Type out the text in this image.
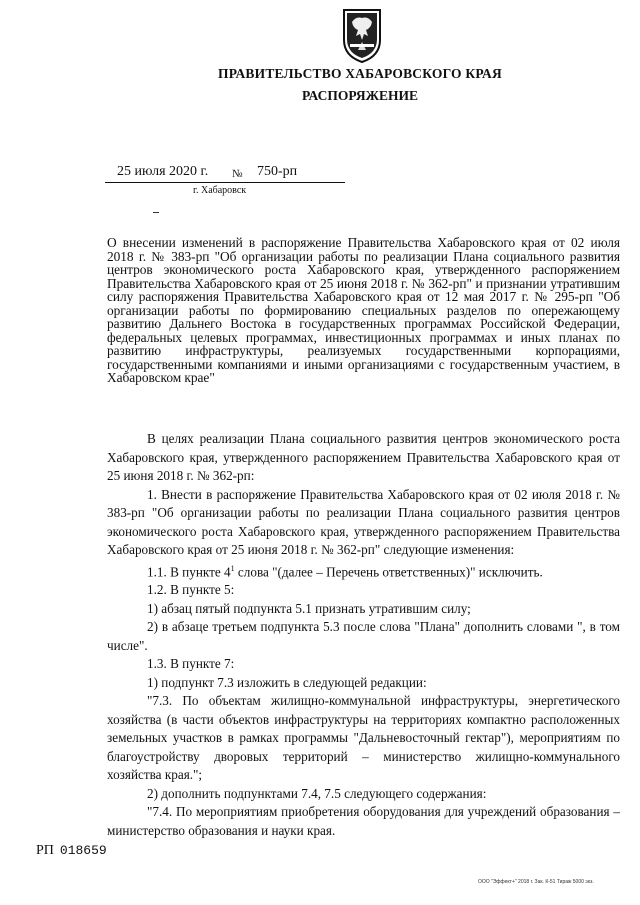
ПРАВИТЕЛЬСТВО ХАБАРОВСКОГО КРАЯ
РАСПОРЯЖЕНИЕ
25 июля 2020 г. № 750-рп
г. Хабаровск
О внесении изменений в распоряжение Правительства Хабаровского края от 02 июля 2018 г. № 383-рп "Об организации работы по реализации Плана социального развития центров экономического роста Хабаровского края, утвержденного распоряжением Правительства Хабаровского края от 25 июня 2018 г. № 362-рп" и признании утратившим силу распоряжения Правительства Хабаровского края от 12 мая 2017 г. № 295-рп "Об организации работы по формированию специальных разделов по опережающему развитию Дальнего Востока в государственных программах Российской Федерации, федеральных целевых программах, инвестиционных программах и иных планах по развитию инфраструктуры, реализуемых государственными корпорациями, государственными компаниями и иными организациями с государственным участием, в Хабаровском крае"

В целях реализации Плана социального развития центров экономического роста Хабаровского края, утвержденного распоряжением Правительства Хабаровского края от 25 июня 2018 г. № 362-рп:

1. Внести в распоряжение Правительства Хабаровского края от 02 июля 2018 г. № 383-рп "Об организации работы по реализации Плана социального развития центров экономического роста Хабаровского края, утвержденного распоряжением Правительства Хабаровского края от 25 июня 2018 г. № 362-рп" следующие изменения:

1.1. В пункте $4^1$ слова "(далее – Перечень ответственных)" исключить.

1.2. В пункте 5:

1) абзац пятый подпункта 5.1 признать утратившим силу;

2) в абзаце третьем подпункта 5.3 после слова "Плана" дополнить словами ", в том числе".

1.3. В пункте 7:

1) подпункт 7.3 изложить в следующей редакции:

"7.3. По объектам жилищно-коммунальной инфраструктуры, энергетического хозяйства (в части объектов инфраструктуры на территориях компактно расположенных земельных участков в рамках программы "Дальневосточный гектар"), мероприятиям по благоустройству дворовых территорий – министерство жилищно-коммунального хозяйства края.";

2) дополнить подпунктами 7.4, 7.5 следующего содержания:

"7.4. По мероприятиям приобретения оборудования для учреждений образования – министерство образования и науки края.

РП 018659
ООО "Эффект+" 2018 г. Зак. К-51 Тираж 5000 экз.
